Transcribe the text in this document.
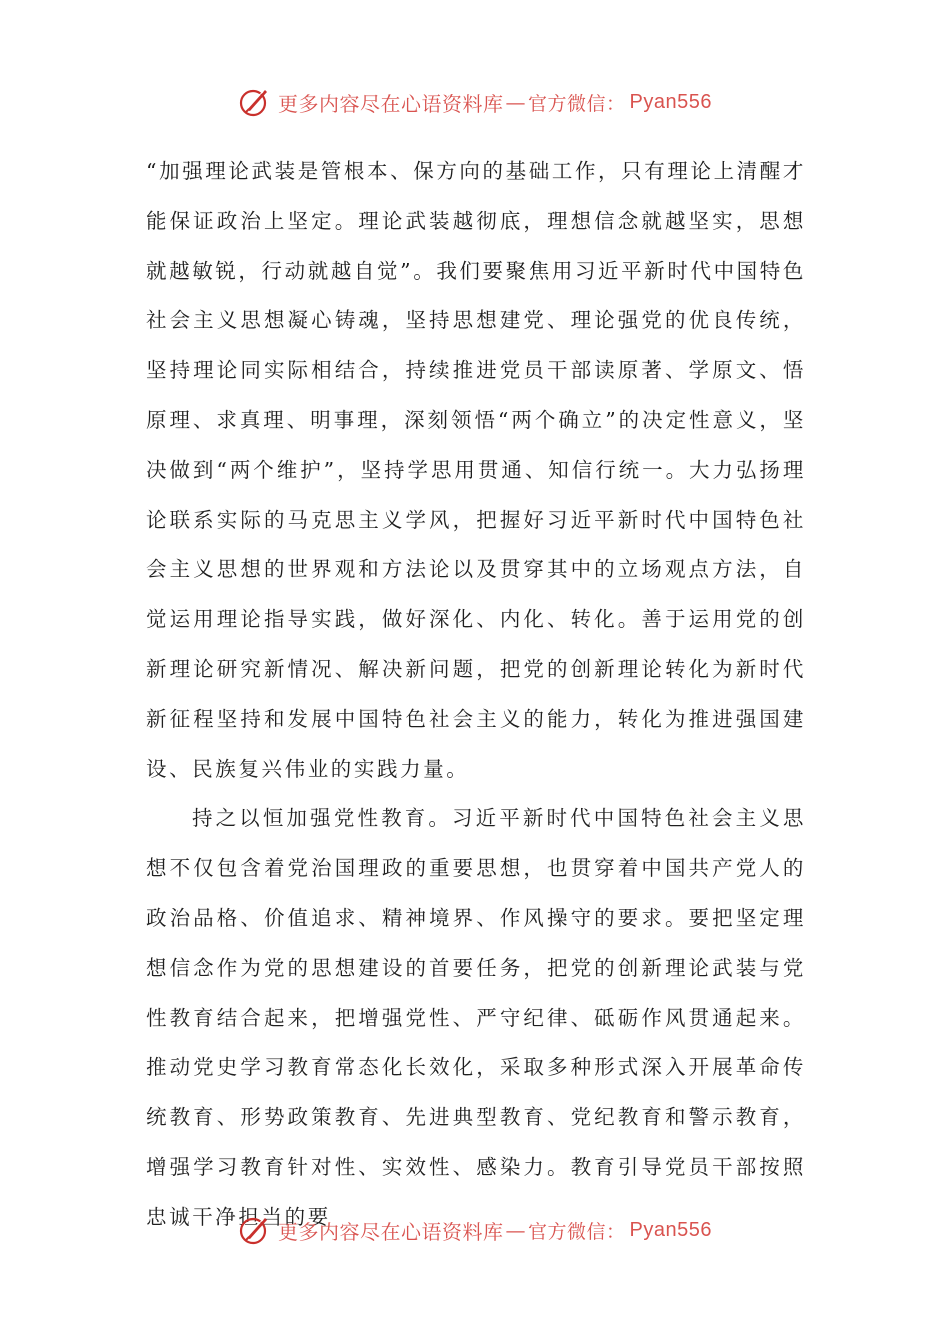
更多内容尽在心语资料库 — 官方微信： Pyan556

“加强理论武装是管根本、保方向的基础工作，只有理论上清醒才能保证政治上坚定。理论武装越彻底，理想信念就越坚实，思想就越敏锐，行动就越自觉”。我们要聚焦用习近平新时代中国特色社会主义思想凝心铸魂，坚持思想建党、理论强党的优良传统，坚持理论同实际相结合，持续推进党员干部读原著、学原文、悟原理、求真理、明事理，深刻领悟“两个确立”的决定性意义，坚决做到“两个维护”，坚持学思用贯通、知信行统一。大力弘扬理论联系实际的马克思主义学风，把握好习近平新时代中国特色社会主义思想的世界观和方法论以及贯穿其中的立场观点方法，自觉运用理论指导实践，做好深化、内化、转化。善于运用党的创新理论研究新情况、解决新问题，把党的创新理论转化为新时代新征程坚持和发展中国特色社会主义的能力，转化为推进强国建设、民族复兴伟业的实践力量。

持之以恒加强党性教育。习近平新时代中国特色社会主义思想不仅包含着党治国理政的重要思想，也贯穿着中国共产党人的政治品格、价值追求、精神境界、作风操守的要求。要把坚定理想信念作为党的思想建设的首要任务，把党的创新理论武装与党性教育结合起来，把增强党性、严守纪律、砥砺作风贯通起来。推动党史学习教育常态化长效化，采取多种形式深入开展革命传统教育、形势政策教育、先进典型教育、党纪教育和警示教育，增强学习教育针对性、实效性、感染力。教育引导党员干部按照忠诚干净担当的要

更多内容尽在心语资料库 — 官方微信： Pyan556
